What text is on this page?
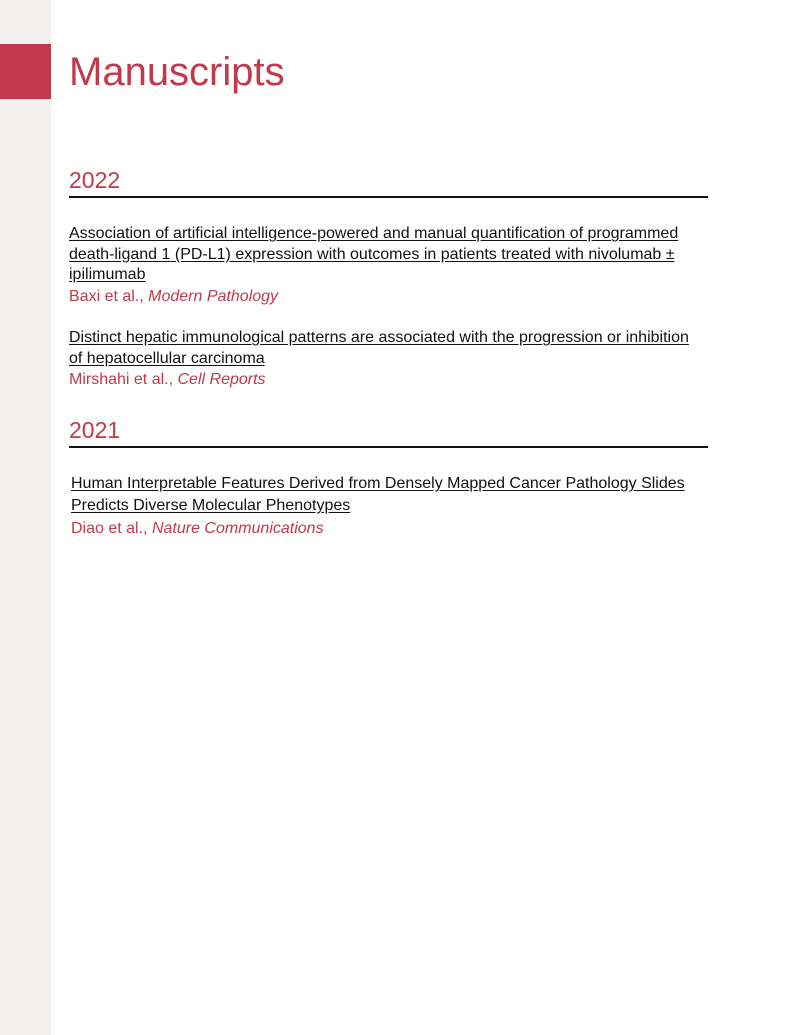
Manuscripts
2022
Association of artificial intelligence-powered and manual quantification of programmed death-ligand 1 (PD-L1) expression with outcomes in patients treated with nivolumab ± ipilimumab
Baxi et al., Modern Pathology
Distinct hepatic immunological patterns are associated with the progression or inhibition of hepatocellular carcinoma
Mirshahi et al., Cell Reports
2021
Human Interpretable Features Derived from Densely Mapped Cancer Pathology Slides Predicts Diverse Molecular Phenotypes
Diao et al., Nature Communications
